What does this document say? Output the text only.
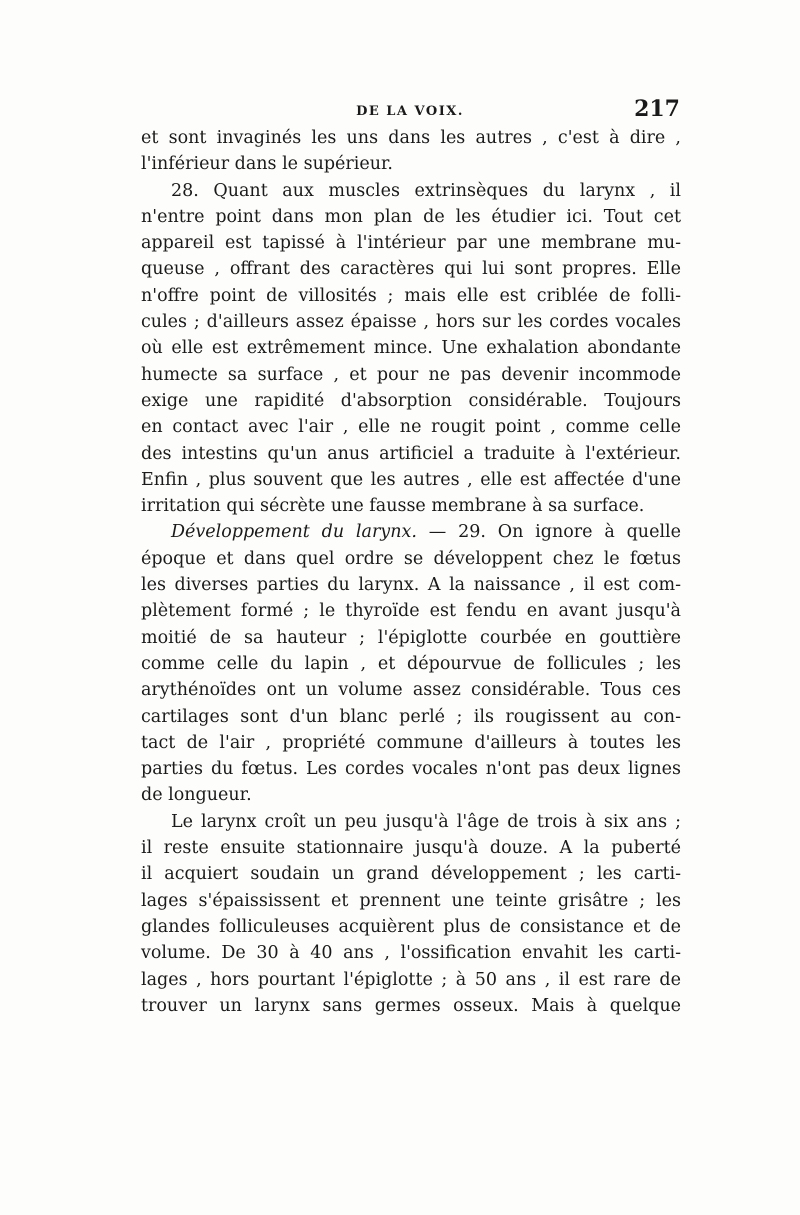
DE LA VOIX.	217
et sont invaginés les uns dans les autres , c'est à dire ,
l'inférieur dans le supérieur.
28. Quant aux muscles extrinsèques du larynx , il
n'entre point dans mon plan de les étudier ici. Tout cet
appareil est tapissé à l'intérieur par une membrane mu-
queuse , offrant des caractères qui lui sont propres. Elle
n'offre point de villosités ; mais elle est criblée de folli-
cules ; d'ailleurs assez épaisse , hors sur les cordes vocales
où elle est extrêmement mince. Une exhalation abondante
humecte sa surface , et pour ne pas devenir incommode
exige une rapidité d'absorption considérable. Toujours
en contact avec l'air , elle ne rougit point , comme celle
des intestins qu'un anus artificiel a traduite à l'extérieur.
Enfin , plus souvent que les autres , elle est affectée d'une
irritation qui sécrète une fausse membrane à sa surface.
Développement du larynx. — 29. On ignore à quelle
époque et dans quel ordre se développent chez le fœtus
les diverses parties du larynx. A la naissance , il est com-
plètement formé ; le thyroïde est fendu en avant jusqu'à
moitié de sa hauteur ; l'épiglotte courbée en gouttière
comme celle du lapin , et dépourvue de follicules ; les
arythénoïdes ont un volume assez considérable. Tous ces
cartilages sont d'un blanc perlé ; ils rougissent au con-
tact de l'air , propriété commune d'ailleurs à toutes les
parties du fœtus. Les cordes vocales n'ont pas deux lignes
de longueur.
Le larynx croît un peu jusqu'à l'âge de trois à six ans ;
il reste ensuite stationnaire jusqu'à douze. A la puberté
il acquiert soudain un grand développement ; les carti-
lages s'épaississent et prennent une teinte grisâtre ; les
glandes folliculeuses acquièrent plus de consistance et de
volume. De 30 à 40 ans , l'ossification envahit les carti-
lages , hors pourtant l'épiglotte ; à 50 ans , il est rare de
trouver un larynx sans germes osseux. Mais à quelque
